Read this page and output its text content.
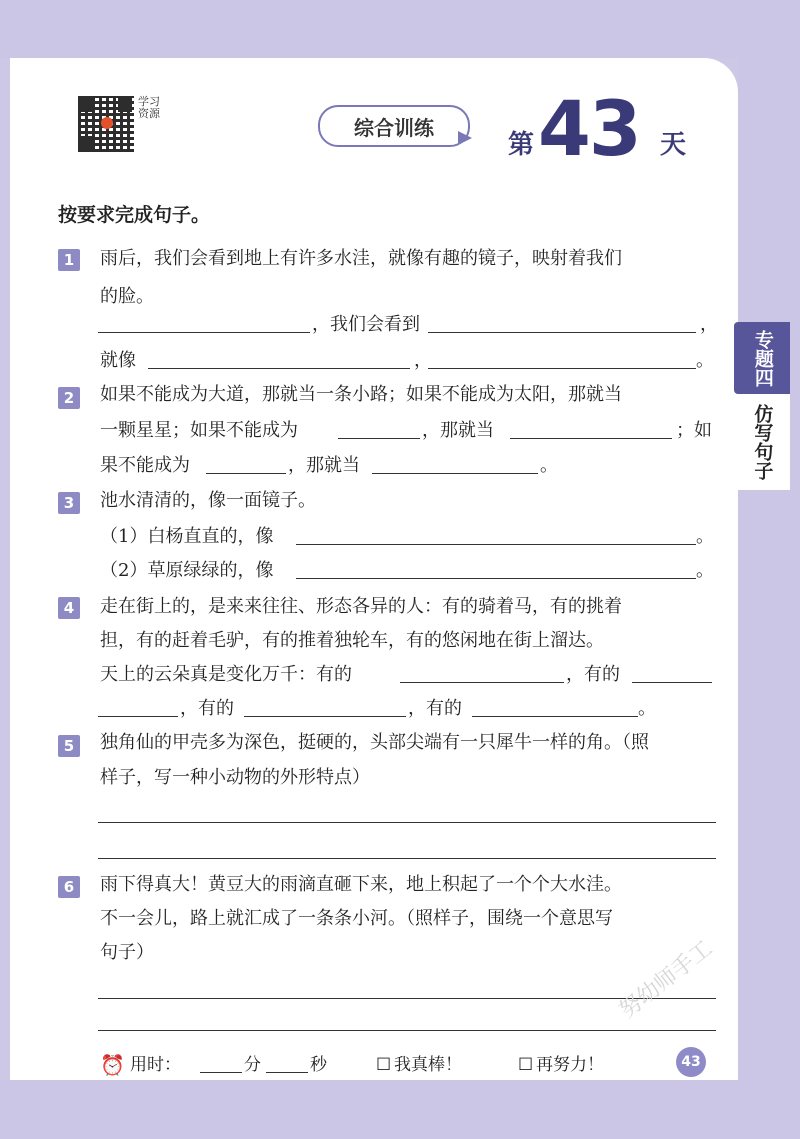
专题四
仿写句子
学习资源
综合训练
第 43 天
按要求完成句子。
1	雨后，我们会看到地上有许多水洼，就像有趣的镜子，映射着我们
的脸。
，我们会看到	，
就像	，	。
2	如果不能成为大道，那就当一条小路；如果不能成为太阳，那就当
一颗星星；如果不能成为	，那就当	；如
果不能成为	，那就当	。
3	池水清清的，像一面镜子。
（1）白杨直直的，像	。
（2）草原绿绿的，像	。
4	走在街上的，是来来往往、形态各异的人：有的骑着马，有的挑着
担，有的赶着毛驴，有的推着独轮车，有的悠闲地在街上溜达。
天上的云朵真是变化万千：有的	，有的
，有的	，有的	。
5	独角仙的甲壳多为深色，挺硬的，头部尖端有一只犀牛一样的角。（照
样子，写一种小动物的外形特点）
6	雨下得真大！黄豆大的雨滴直砸下来，地上积起了一个个大水洼。
不一会儿，路上就汇成了一条条小河。（照样子，围绕一个意思写
句子）
⏰ 用时：	分	秒	☐ 我真棒！	☐ 再努力！	43
努幼师手工
